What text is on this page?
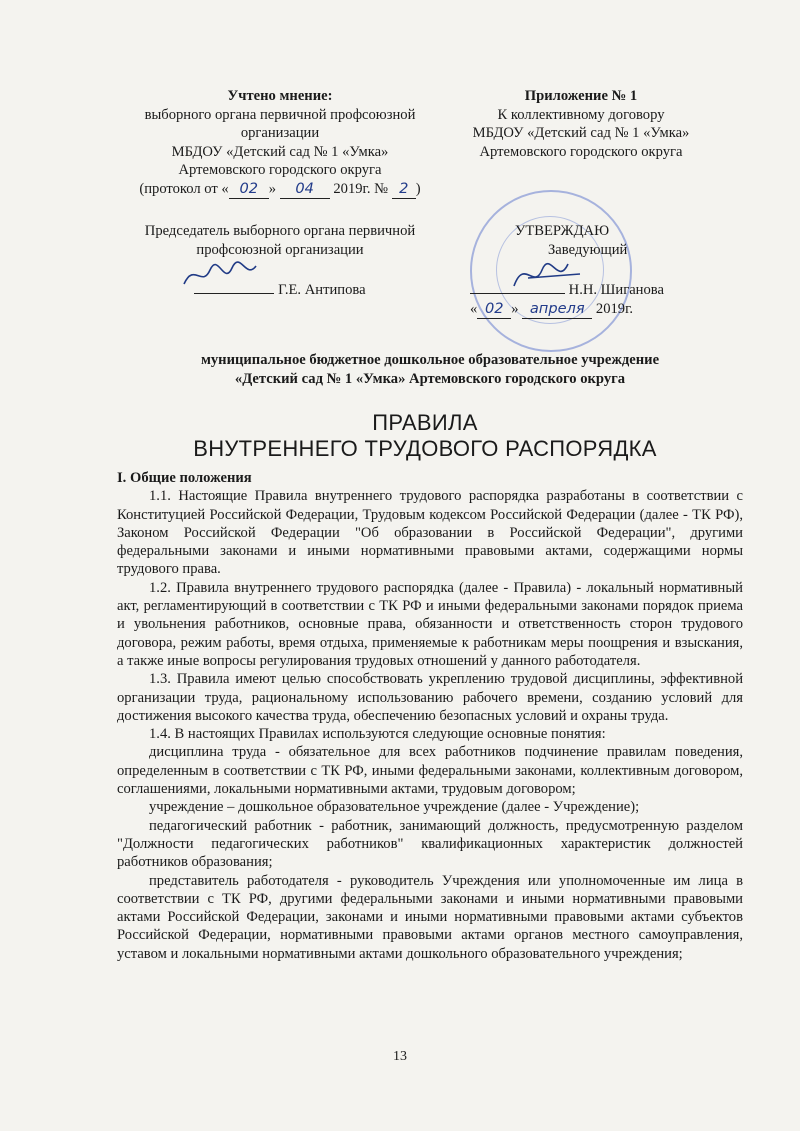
Учтено мнение:
выборного органа первичной профсоюзной
организации
МБДОУ «Детский сад № 1 «Умка»
Артемовского городского округа
(протокол от « 02 » 04 2019г. № 2 )
Приложение № 1
К коллективному договору
МБДОУ «Детский сад № 1 «Умка»
Артемовского городского округа
Председатель выборного органа первичной
профсоюзной организации
Г.Е. Антипова
УТВЕРЖДАЮ
Заведующий
Н.Н. Шиганова
« 02 » апреля 2019г.
муниципальное бюджетное дошкольное образовательное учреждение
«Детский сад № 1 «Умка» Артемовского городского округа
ПРАВИЛА
ВНУТРЕННЕГО ТРУДОВОГО РАСПОРЯДКА

I. Общие положения

1.1. Настоящие Правила внутреннего трудового распорядка разработаны в соответствии с Конституцией Российской Федерации, Трудовым кодексом Российской Федерации (далее - ТК РФ), Законом Российской Федерации "Об образовании в Российской Федерации", другими федеральными законами и иными нормативными правовыми актами, содержащими нормы трудового права.

1.2. Правила внутреннего трудового распорядка (далее - Правила) - локальный нормативный акт, регламентирующий в соответствии с ТК РФ и иными федеральными законами порядок приема и увольнения работников, основные права, обязанности и ответственность сторон трудового договора, режим работы, время отдыха, применяемые к работникам меры поощрения и взыскания, а также иные вопросы регулирования трудовых отношений у данного работодателя.

1.3. Правила имеют целью способствовать укреплению трудовой дисциплины, эффективной организации труда, рациональному использованию рабочего времени, созданию условий для достижения высокого качества труда, обеспечению безопасных условий и охраны труда.

1.4. В настоящих Правилах используются следующие основные понятия:

дисциплина труда - обязательное для всех работников подчинение правилам поведения, определенным в соответствии с ТК РФ, иными федеральными законами, коллективным договором, соглашениями, локальными нормативными актами, трудовым договором;

учреждение – дошкольное образовательное учреждение (далее - Учреждение);

педагогический работник - работник, занимающий должность, предусмотренную разделом "Должности педагогических работников" квалификационных характеристик должностей работников образования;

представитель работодателя - руководитель Учреждения или уполномоченные им лица в соответствии с ТК РФ, другими федеральными законами и иными нормативными правовыми актами Российской Федерации, законами и иными нормативными правовыми актами субъектов Российской Федерации, нормативными правовыми актами органов местного самоуправления, уставом и локальными нормативными актами дошкольного образовательного учреждения;

13
